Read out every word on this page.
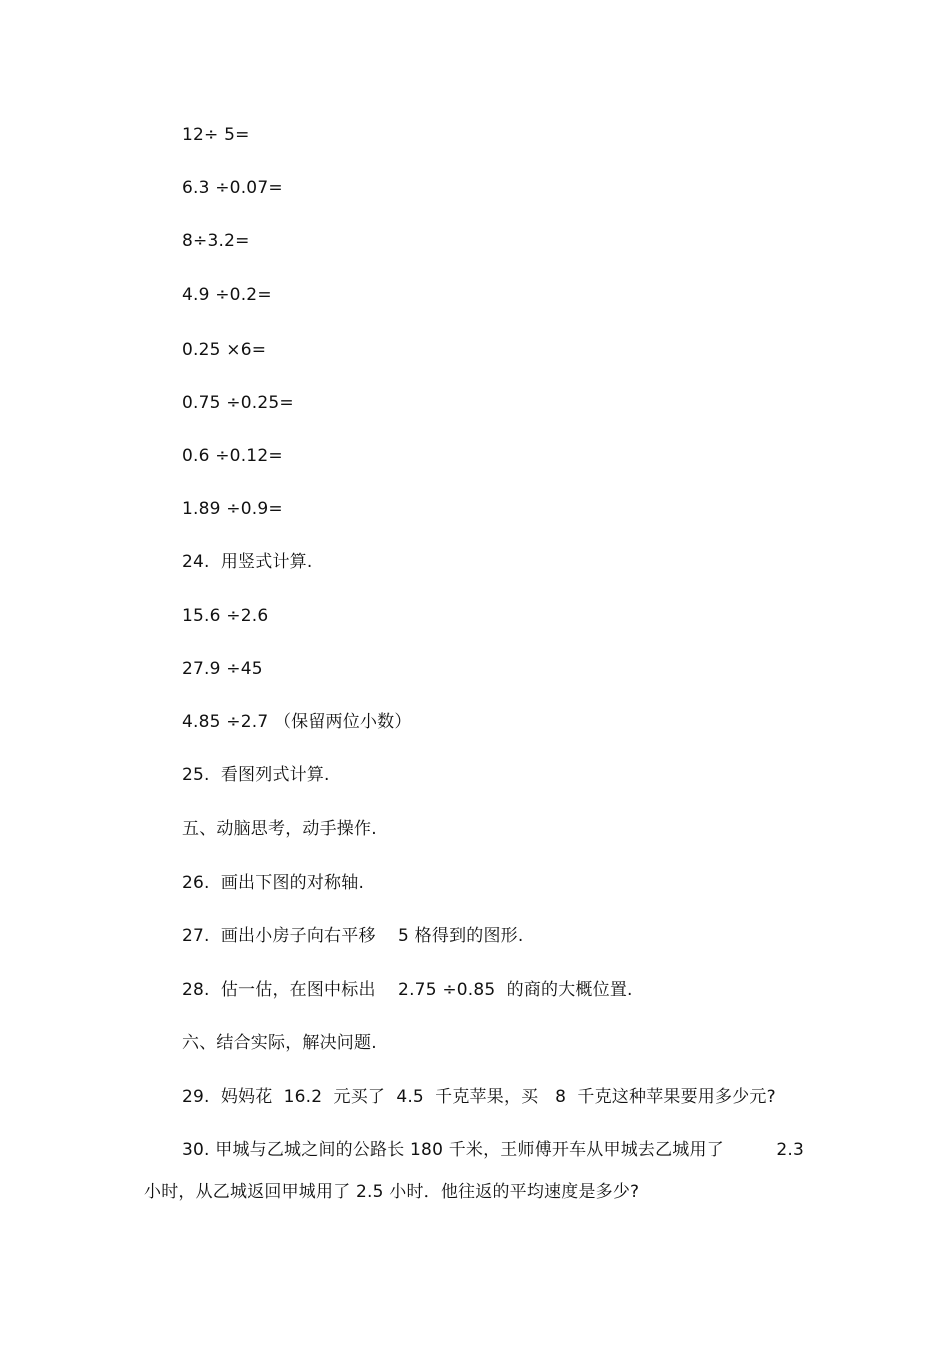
12÷ 5=
6.3 ÷0.07=
8÷3.2=
4.9 ÷0.2=
0.25 ×6=
0.75 ÷0.25=
0.6 ÷0.12=
1.89 ÷0.9=
24.  用竖式计算.
15.6 ÷2.6
27.9 ÷45
4.85 ÷2.7 （保留两位小数）
25.  看图列式计算.
五、动脑思考，动手操作.
26.  画出下图的对称轴.
27.  画出小房子向右平移    5 格得到的图形.
28.  估一估，在图中标出    2.75 ÷0.85  的商的大概位置.
六、结合实际，解决问题.
29.  妈妈花  16.2  元买了  4.5  千克苹果，买   8  千克这种苹果要用多少元?
30. 甲城与乙城之间的公路长 180 千米，王师傅开车从甲城去乙城用了	2.3
小时，从乙城返回甲城用了 2.5 小时．他往返的平均速度是多少?
